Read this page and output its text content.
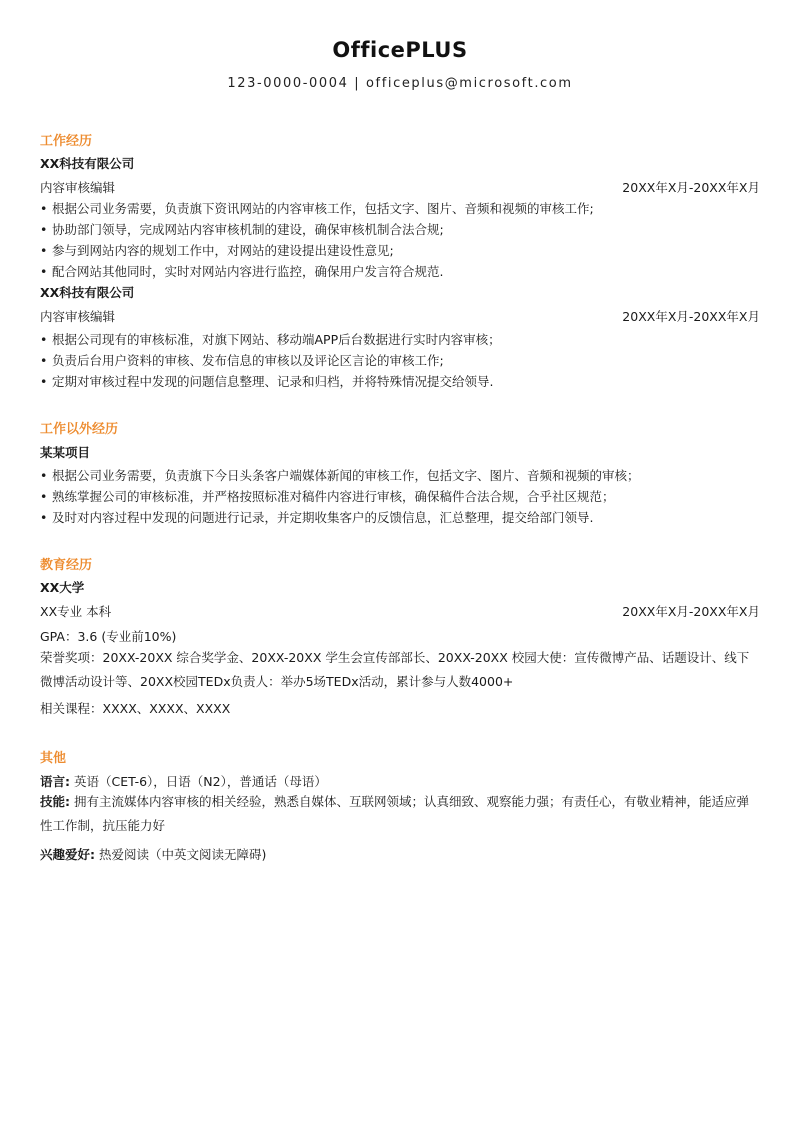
OfficePLUS
123-0000-0004 | officeplus@microsoft.com
工作经历
XX科技有限公司
内容审核编辑	20XX年X月-20XX年X月
• 根据公司业务需要，负责旗下资讯网站的内容审核工作，包括文字、图片、音频和视频的审核工作;
• 协助部门领导，完成网站内容审核机制的建设，确保审核机制合法合规;
• 参与到网站内容的规划工作中，对网站的建设提出建设性意见;
• 配合网站其他同时，实时对网站内容进行监控，确保用户发言符合规范.
XX科技有限公司
内容审核编辑	20XX年X月-20XX年X月
• 根据公司现有的审核标准，对旗下网站、移动端APP后台数据进行实时内容审核；
• 负责后台用户资料的审核、发布信息的审核以及评论区言论的审核工作;
• 定期对审核过程中发现的问题信息整理、记录和归档，并将特殊情况提交给领导.
工作以外经历
某某项目
• 根据公司业务需要，负责旗下今日头条客户端媒体新闻的审核工作，包括文字、图片、音频和视频的审核；
• 熟练掌握公司的审核标准，并严格按照标准对稿件内容进行审核，确保稿件合法合规，合乎社区规范；
• 及时对内容过程中发现的问题进行记录，并定期收集客户的反馈信息，汇总整理，提交给部门领导.
教育经历
XX大学
XX专业 本科	20XX年X月-20XX年X月
GPA：3.6 (专业前10%)
荣誉奖项：20XX-20XX 综合奖学金、20XX-20XX 学生会宣传部部长、20XX-20XX 校园大使：宣传微博产品、话题设计、线下微博活动设计等、20XX校园TEDx负责人：举办5场TEDx活动，累计参与人数4000+
相关课程：XXXX、XXXX、XXXX
其他
语言: 英语（CET-6），日语（N2），普通话（母语）
技能: 拥有主流媒体内容审核的相关经验，熟悉自媒体、互联网领域；认真细致、观察能力强；有责任心，有敬业精神，能适应弹性工作制，抗压能力好
兴趣爱好: 热爱阅读（中英文阅读无障碍)
